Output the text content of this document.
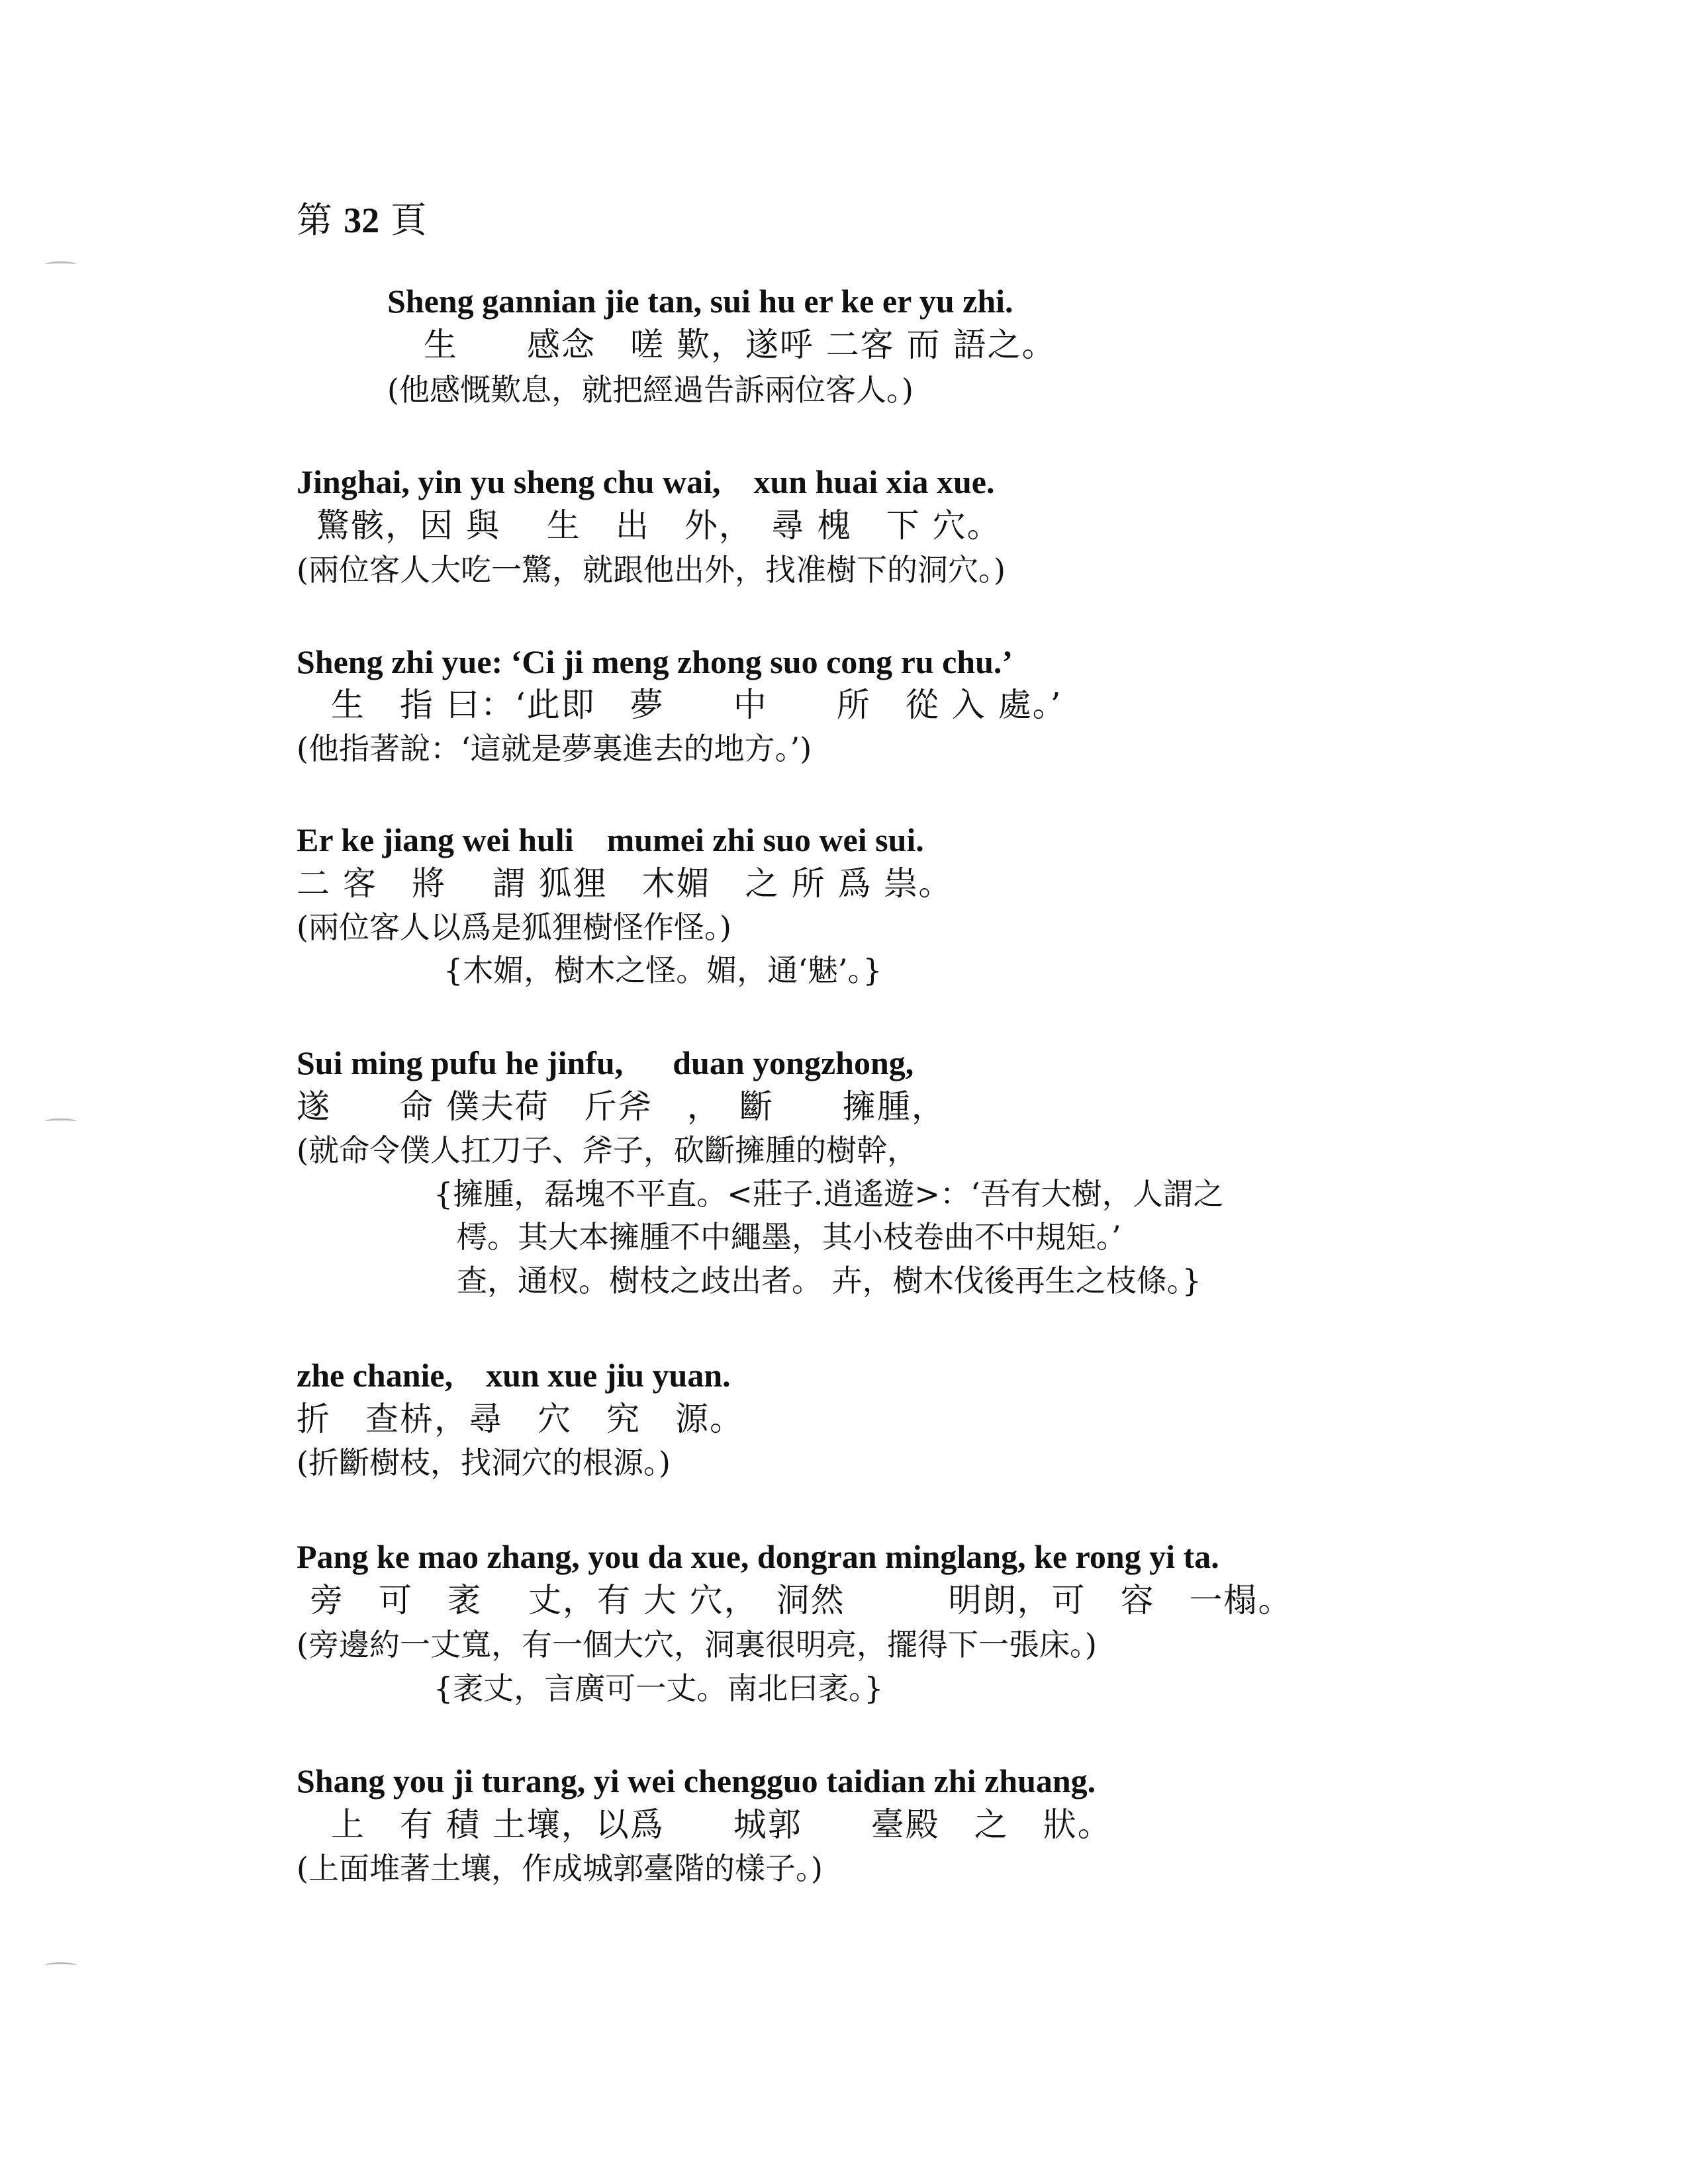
第 32 頁
Sheng gannian jie tan, sui hu er ke er yu zhi.
生　　感念　嗟 歎，遂呼 二客 而 語之。
(他感慨歎息，就把經過告訴兩位客人。)
Jinghai, yin yu sheng chu wai,    xun huai xia xue.
驚骸，因 與　 生　出　外，　尋 槐　下 穴。
(兩位客人大吃一驚，就跟他出外，找准樹下的洞穴。)
Sheng zhi yue: ‘Ci ji meng zhong suo cong ru chu.’
生　指 曰：‘此即　夢　　中　　所　從 入 處。’
(他指著說：‘這就是夢裏進去的地方。’)
Er ke jiang wei huli    mumei zhi suo wei sui.
二 客　將　 謂 狐狸　木媚　之 所 爲 祟。
(兩位客人以爲是狐狸樹怪作怪。)
{木媚，樹木之怪。媚，通‘魅’。}
Sui ming pufu he jinfu,      duan yongzhong,
遂　　命 僕夫荷　斤斧　，　斷　　擁腫，
(就命令僕人扛刀子、斧子，砍斷擁腫的樹幹，
{擁腫，磊塊不平直。<莊子.逍遙遊>：‘吾有大樹，人謂之
樗。其大本擁腫不中繩墨，其小枝卷曲不中規矩。’
查，通杈。樹枝之歧出者。 卉，樹木伐後再生之枝條。}
zhe chanie,    xun xue jiu yuan.
折　查枿，尋　穴　究　源。
(折斷樹枝，找洞穴的根源。)
Pang ke mao zhang, you da xue, dongran minglang, ke rong yi ta.
旁　可　袤　 丈，有 大 穴，　洞然　　　明朗，可　容　一榻。
(旁邊約一丈寬，有一個大穴，洞裏很明亮，擺得下一張床。)
{袤丈，言廣可一丈。南北曰袤。}
Shang you ji turang, yi wei chengguo taidian zhi zhuang.
上　有 積 土壤，以爲　　城郭　　臺殿　之　狀。
(上面堆著土壤，作成城郭臺階的樣子。)
